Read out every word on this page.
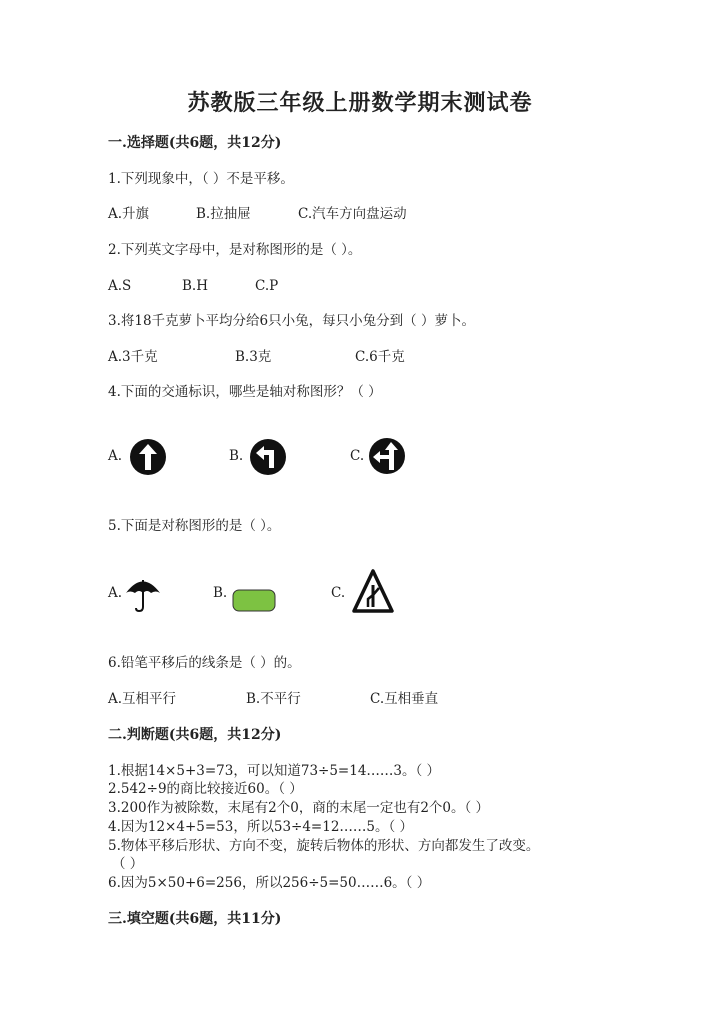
苏教版三年级上册数学期末测试卷
一.选择题(共6题，共12分)
1.下列现象中，（ ）不是平移。
A.升旗	B.拉抽屉	C.汽车方向盘运动
2.下列英文字母中，是对称图形的是（ ）。
A.S	B.H	C.P
3.将18千克萝卜平均分给6只小兔，每只小兔分到（ ）萝卜。
A.3千克	B.3克	C.6千克
4.下面的交通标识，哪些是轴对称图形？（ ）
A.	B.	C.
5.下面是对称图形的是（ ）。
A.	B.	C.
6.铅笔平移后的线条是（ ）的。
A.互相平行	B.不平行	C.互相垂直
二.判断题(共6题，共12分)
1.根据14×5+3=73，可以知道73÷5=14……3。（ ）
2.542÷9的商比较接近60。（ ）
3.200作为被除数，末尾有2个0，商的末尾一定也有2个0。（ ）
4.因为12×4+5=53，所以53÷4=12……5。（ ）
5.物体平移后形状、方向不变，旋转后物体的形状、方向都发生了改变。
（ ）
6.因为5×50+6=256，所以256÷5=50……6。（ ）
三.填空题(共6题，共11分)
